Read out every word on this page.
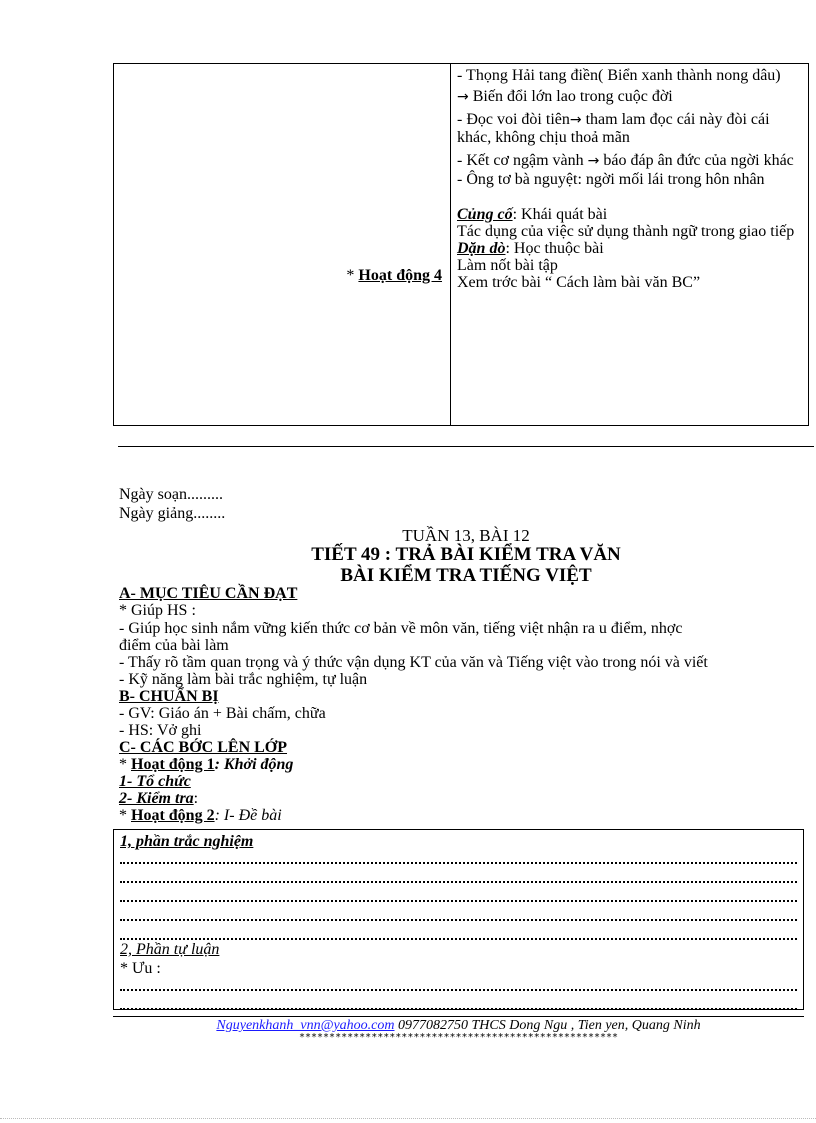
* Hoạt động 4

- Thọng Hải tang điền( Biển xanh thành nong dâu)

→ Biến đổi lớn lao trong cuộc đời

- Đọc voi đòi tiên→ tham lam đọc cái này đòi cái khác, không chịu thoả mãn

- Kết cơ ngậm vành → báo đáp ân đức của ngời khác

- Ông tơ bà nguyệt: ngời mối lái trong hôn nhân

Củng cố: Khái quát bài

Tác dụng của việc sử dụng thành ngữ trong giao tiếp

Dặn dò: Học thuộc bài

Làm nốt bài tập

Xem trớc bài “ Cách làm bài văn BC”

Ngày soạn.........
Ngày giảng........
TUẦN 13, BÀI 12
TIẾT 49 : TRẢ BÀI KIỂM TRA VĂN
BÀI KIỂM TRA TIẾNG VIỆT

A- MỤC TIÊU CẦN ĐẠT

* Giúp HS :

- Giúp học sinh nắm vững kiến thức cơ bản về môn văn, tiếng việt nhận ra u điểm, nhợc

điểm của bài làm

- Thấy rõ tầm quan trọng và ý thức vận dụng KT của văn và Tiếng việt vào trong nói và viết

- Kỹ năng làm bài trắc nghiệm, tự luận

B- CHUẨN BỊ

- GV: Giáo án + Bài chấm, chữa

- HS: Vở ghi

C- CÁC BỚC LÊN LỚP

* Hoạt động 1: Khởi động

1- Tổ chức

2- Kiểm tra:

* Hoạt động 2: I- Đề bài

1, phần trắc nghiệm
2, Phần tự luận
* Ưu :
Nguyenkhanh_vnn@yahoo.com 0977082750 THCS Dong Ngu , Tien yen, Quang Ninh
*****************************************************
